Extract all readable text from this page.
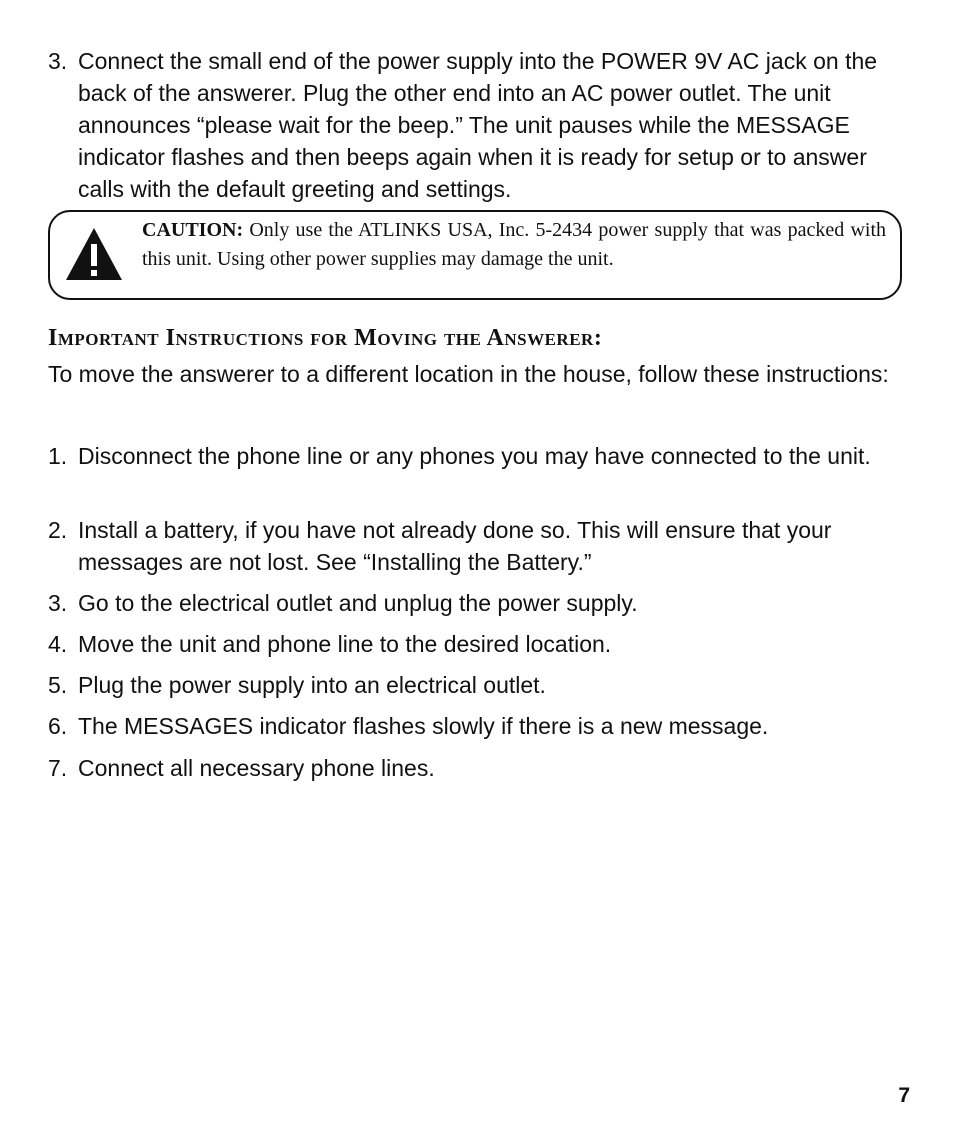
3. Connect the small end of the power supply into the POWER 9V AC jack on the back of the answerer. Plug the other end into an AC power outlet. The unit announces “please wait for the beep.” The unit pauses while the MESSAGE indicator flashes and then beeps again when it is ready for setup or to answer calls with the default greeting and settings.
CAUTION: Only use the ATLINKS USA, Inc. 5-2434 power supply that was packed with this unit. Using other power supplies may damage the unit.
Important Instructions for Moving the Answerer:
To move the answerer to a different location in the house, follow these instructions:
1. Disconnect the phone line or any phones you may have connected to the unit.
2. Install a battery, if you have not already done so. This will ensure that your messages are not lost. See “Installing the Battery.”
3. Go to the electrical outlet and unplug the power supply.
4. Move the unit and phone line to the desired location.
5. Plug the power supply into an electrical outlet.
6. The MESSAGES indicator flashes slowly if there is a new message.
7. Connect all necessary phone lines.
7
